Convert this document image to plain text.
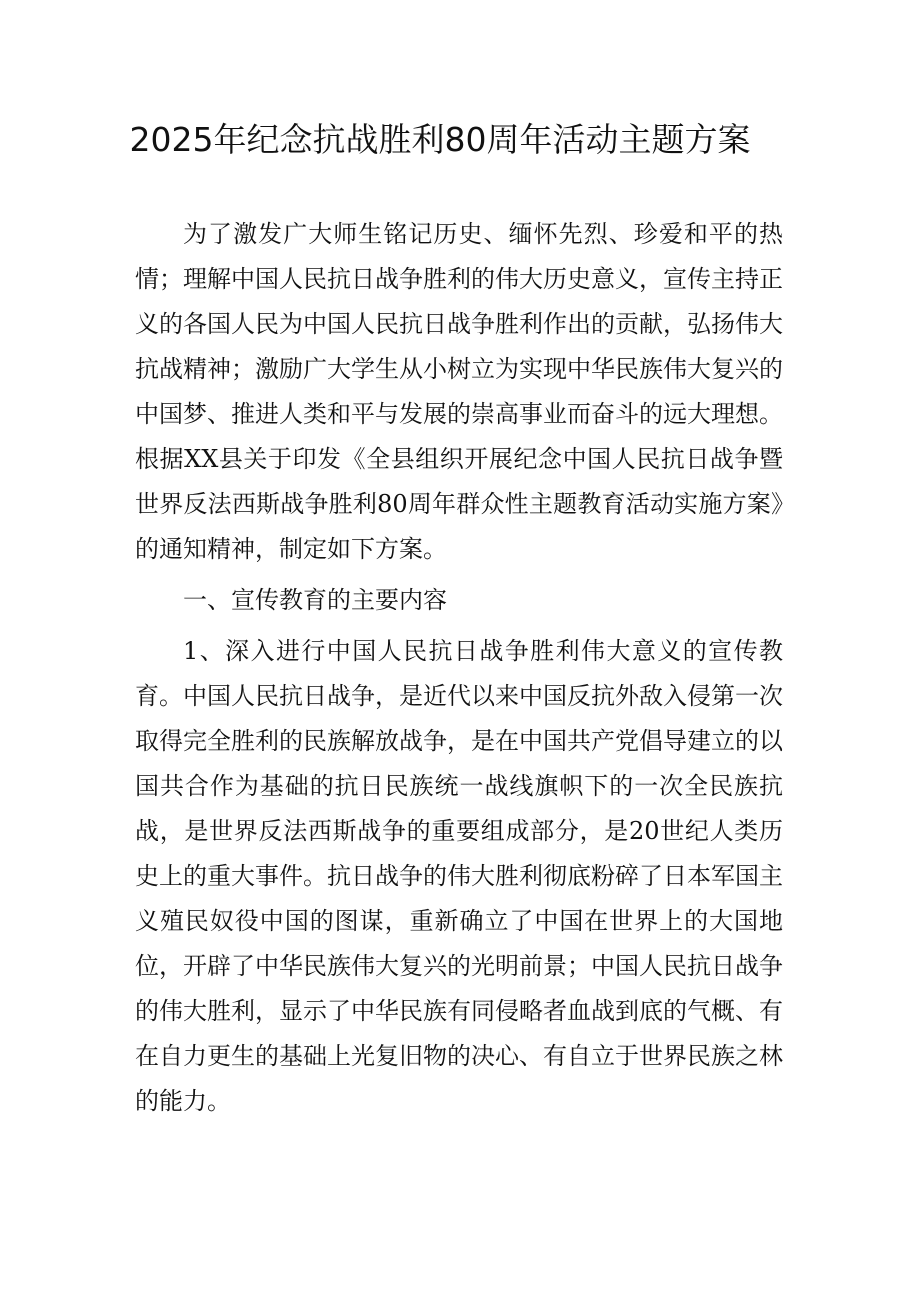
2025年纪念抗战胜利80周年活动主题方案

为了激发广大师生铭记历史、缅怀先烈、珍爱和平的热情；理解中国人民抗日战争胜利的伟大历史意义，宣传主持正义的各国人民为中国人民抗日战争胜利作出的贡献，弘扬伟大抗战精神；激励广大学生从小树立为实现中华民族伟大复兴的中国梦、推进人类和平与发展的崇高事业而奋斗的远大理想。根据XX县关于印发《全县组织开展纪念中国人民抗日战争暨世界反法西斯战争胜利80周年群众性主题教育活动实施方案》的通知精神，制定如下方案。

一、宣传教育的主要内容

1、深入进行中国人民抗日战争胜利伟大意义的宣传教育。中国人民抗日战争，是近代以来中国反抗外敌入侵第一次取得完全胜利的民族解放战争，是在中国共产党倡导建立的以国共合作为基础的抗日民族统一战线旗帜下的一次全民族抗战，是世界反法西斯战争的重要组成部分，是20世纪人类历史上的重大事件。抗日战争的伟大胜利彻底粉碎了日本军国主义殖民奴役中国的图谋，重新确立了中国在世界上的大国地位，开辟了中华民族伟大复兴的光明前景；中国人民抗日战争的伟大胜利，显示了中华民族有同侵略者血战到底的气概、有在自力更生的基础上光复旧物的决心、有自立于世界民族之林的能力。
